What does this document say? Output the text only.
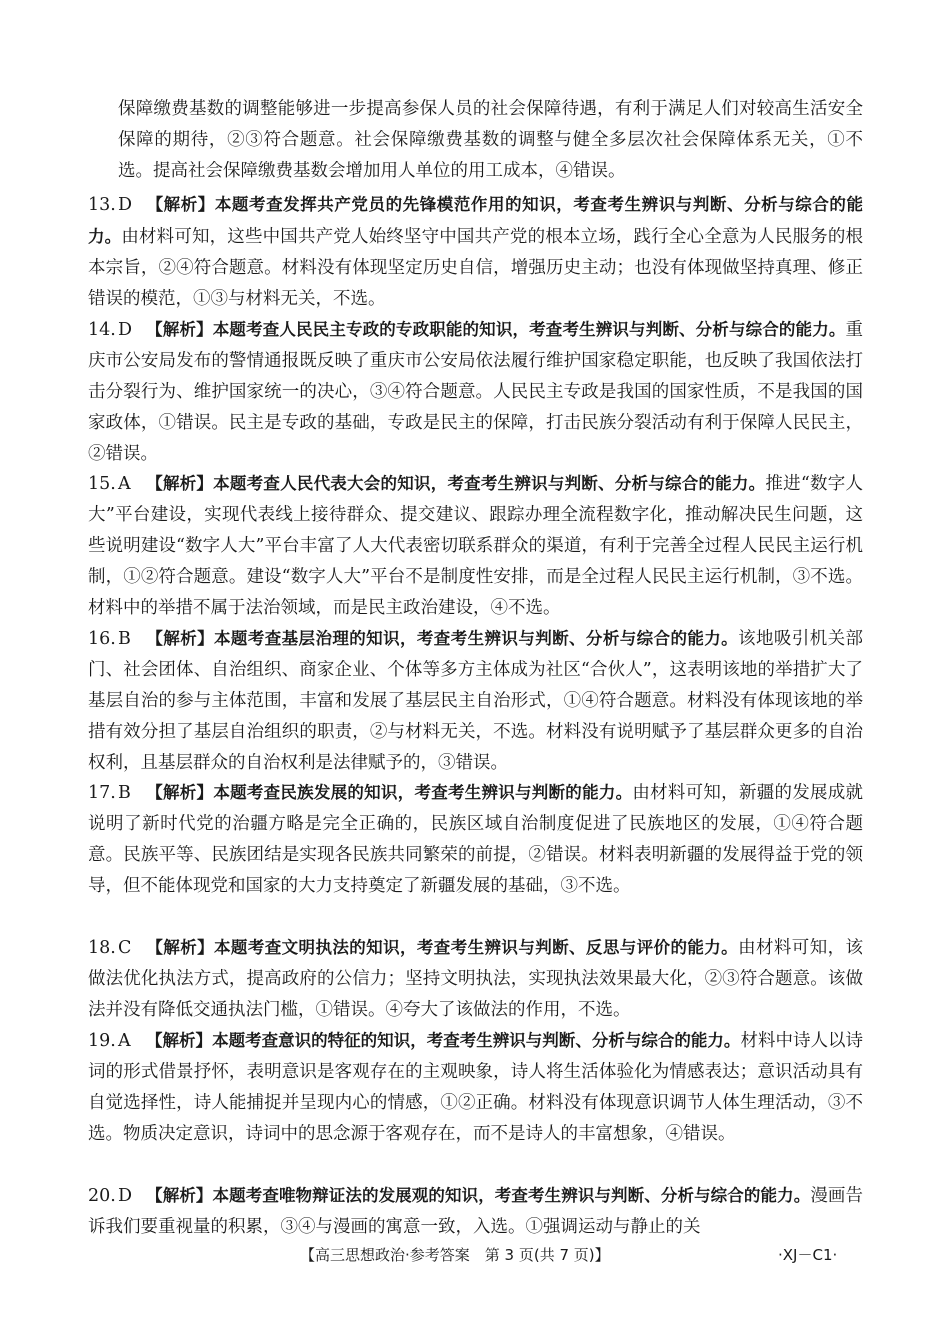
保障缴费基数的调整能够进一步提高参保人员的社会保障待遇，有利于满足人们对较高生活安全保障的期待，②③符合题意。社会保障缴费基数的调整与健全多层次社会保障体系无关，①不选。提高社会保障缴费基数会增加用人单位的用工成本，④错误。
13. D 【解析】本题考查发挥共产党员的先锋模范作用的知识，考查考生辨识与判断、分析与综合的能力。由材料可知，这些中国共产党人始终坚守中国共产党的根本立场，践行全心全意为人民服务的根本宗旨，②④符合题意。材料没有体现坚定历史自信，增强历史主动；也没有体现做坚持真理、修正错误的模范，①③与材料无关，不选。
14. D 【解析】本题考查人民民主专政的专政职能的知识，考查考生辨识与判断、分析与综合的能力。重庆市公安局发布的警情通报既反映了重庆市公安局依法履行维护国家稳定职能，也反映了我国依法打击分裂行为、维护国家统一的决心，③④符合题意。人民民主专政是我国的国家性质，不是我国的国家政体，①错误。民主是专政的基础，专政是民主的保障，打击民族分裂活动有利于保障人民民主，②错误。
15. A 【解析】本题考查人民代表大会的知识，考查考生辨识与判断、分析与综合的能力。推进“数字人大”平台建设，实现代表线上接待群众、提交建议、跟踪办理全流程数字化，推动解决民生问题，这些说明建设“数字人大”平台丰富了人大代表密切联系群众的渠道，有利于完善全过程人民民主运行机制，①②符合题意。建设“数字人大”平台不是制度性安排，而是全过程人民民主运行机制，③不选。材料中的举措不属于法治领域，而是民主政治建设，④不选。
16. B 【解析】本题考查基层治理的知识，考查考生辨识与判断、分析与综合的能力。该地吸引机关部门、社会团体、自治组织、商家企业、个体等多方主体成为社区“合伙人”，这表明该地的举措扩大了基层自治的参与主体范围，丰富和发展了基层民主自治形式，①④符合题意。材料没有体现该地的举措有效分担了基层自治组织的职责，②与材料无关，不选。材料没有说明赋予了基层群众更多的自治权利，且基层群众的自治权利是法律赋予的，③错误。
17. B 【解析】本题考查民族发展的知识，考查考生辨识与判断的能力。由材料可知，新疆的发展成就说明了新时代党的治疆方略是完全正确的，民族区域自治制度促进了民族地区的发展，①④符合题意。民族平等、民族团结是实现各民族共同繁荣的前提，②错误。材料表明新疆的发展得益于党的领导，但不能体现党和国家的大力支持奠定了新疆发展的基础，③不选。
18. C 【解析】本题考查文明执法的知识，考查考生辨识与判断、反思与评价的能力。由材料可知，该做法优化执法方式，提高政府的公信力；坚持文明执法，实现执法效果最大化，②③符合题意。该做法并没有降低交通执法门槛，①错误。④夸大了该做法的作用，不选。
19. A 【解析】本题考查意识的特征的知识，考查考生辨识与判断、分析与综合的能力。材料中诗人以诗词的形式借景抒怀，表明意识是客观存在的主观映象，诗人将生活体验化为情感表达；意识活动具有自觉选择性，诗人能捕捉并呈现内心的情感，①②正确。材料没有体现意识调节人体生理活动，③不选。物质决定意识，诗词中的思念源于客观存在，而不是诗人的丰富想象，④错误。
20. D 【解析】本题考查唯物辩证法的发展观的知识，考查考生辨识与判断、分析与综合的能力。漫画告诉我们要重视量的积累，③④与漫画的寓意一致，入选。①强调运动与静止的关
【高三思想政治·参考答案　第 3 页(共 7 页)】	·XJ－C1·
